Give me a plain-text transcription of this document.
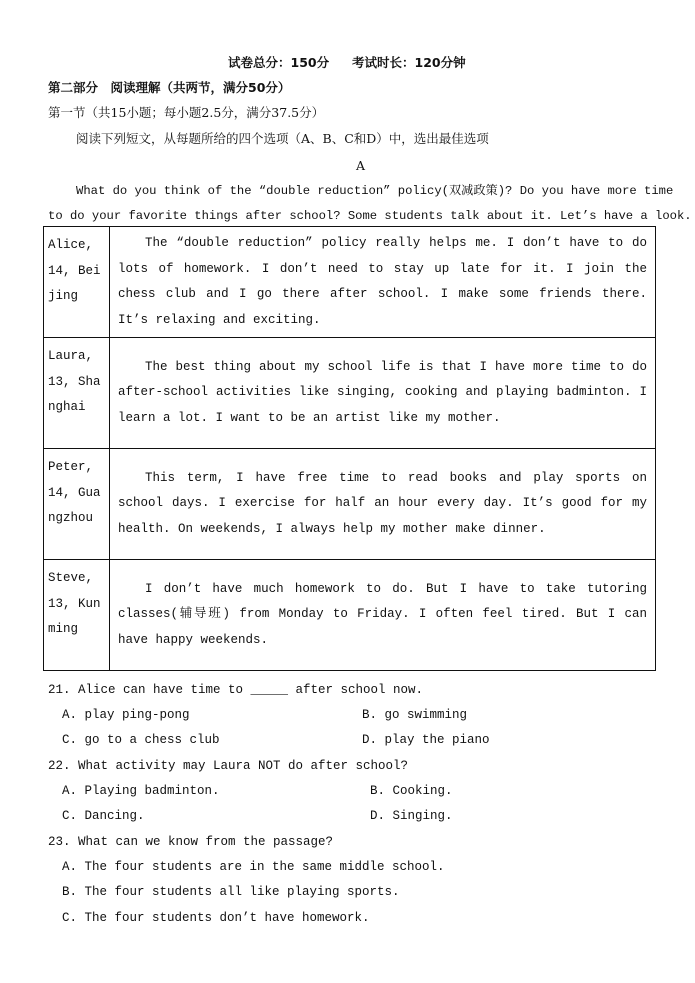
试卷总分：150分 考试时长：120分钟
第二部分　阅读理解（共两节，满分50分）
第一节（共15小题；每小题2.5分，满分37.5分）
阅读下列短文，从每题所给的四个选项（A、B、C和D）中，选出最佳选项
A
What do you think of the “double reduction” policy(双减政策)? Do you have more time
to do your favorite things after school? Some students talk about it. Let’s have a look.
Alice, 14, Beijing	The “double reduction” policy really helps me. I don’t have to do lots of homework. I don’t need to stay up late for it. I join the chess club and I go there after school. I make some friends there. It’s relaxing and exciting.
Laura, 13, Shanghai	The best thing about my school life is that I have more time to do after-school activities like singing, cooking and playing badminton. I learn a lot. I want to be an artist like my mother.
Peter, 14, Guangzhou	This term, I have free time to read books and play sports on school days. I exercise for half an hour every day. It’s good for my health. On weekends, I always help my mother make dinner.
Steve, 13, Kunming	I don’t have much homework to do. But I have to take tutoring classes(辅导班) from Monday to Friday. I often feel tired. But I can have happy weekends.
21. Alice can have time to _____ after school now.
A. play ping-pong	B. go swimming
C. go to a chess club	D. play the piano
22. What activity may Laura NOT do after school?
A. Playing badminton.	B. Cooking.
C. Dancing.	D. Singing.
23. What can we know from the passage?
A. The four students are in the same middle school.
B. The four students all like playing sports.
C. The four students don’t have homework.
